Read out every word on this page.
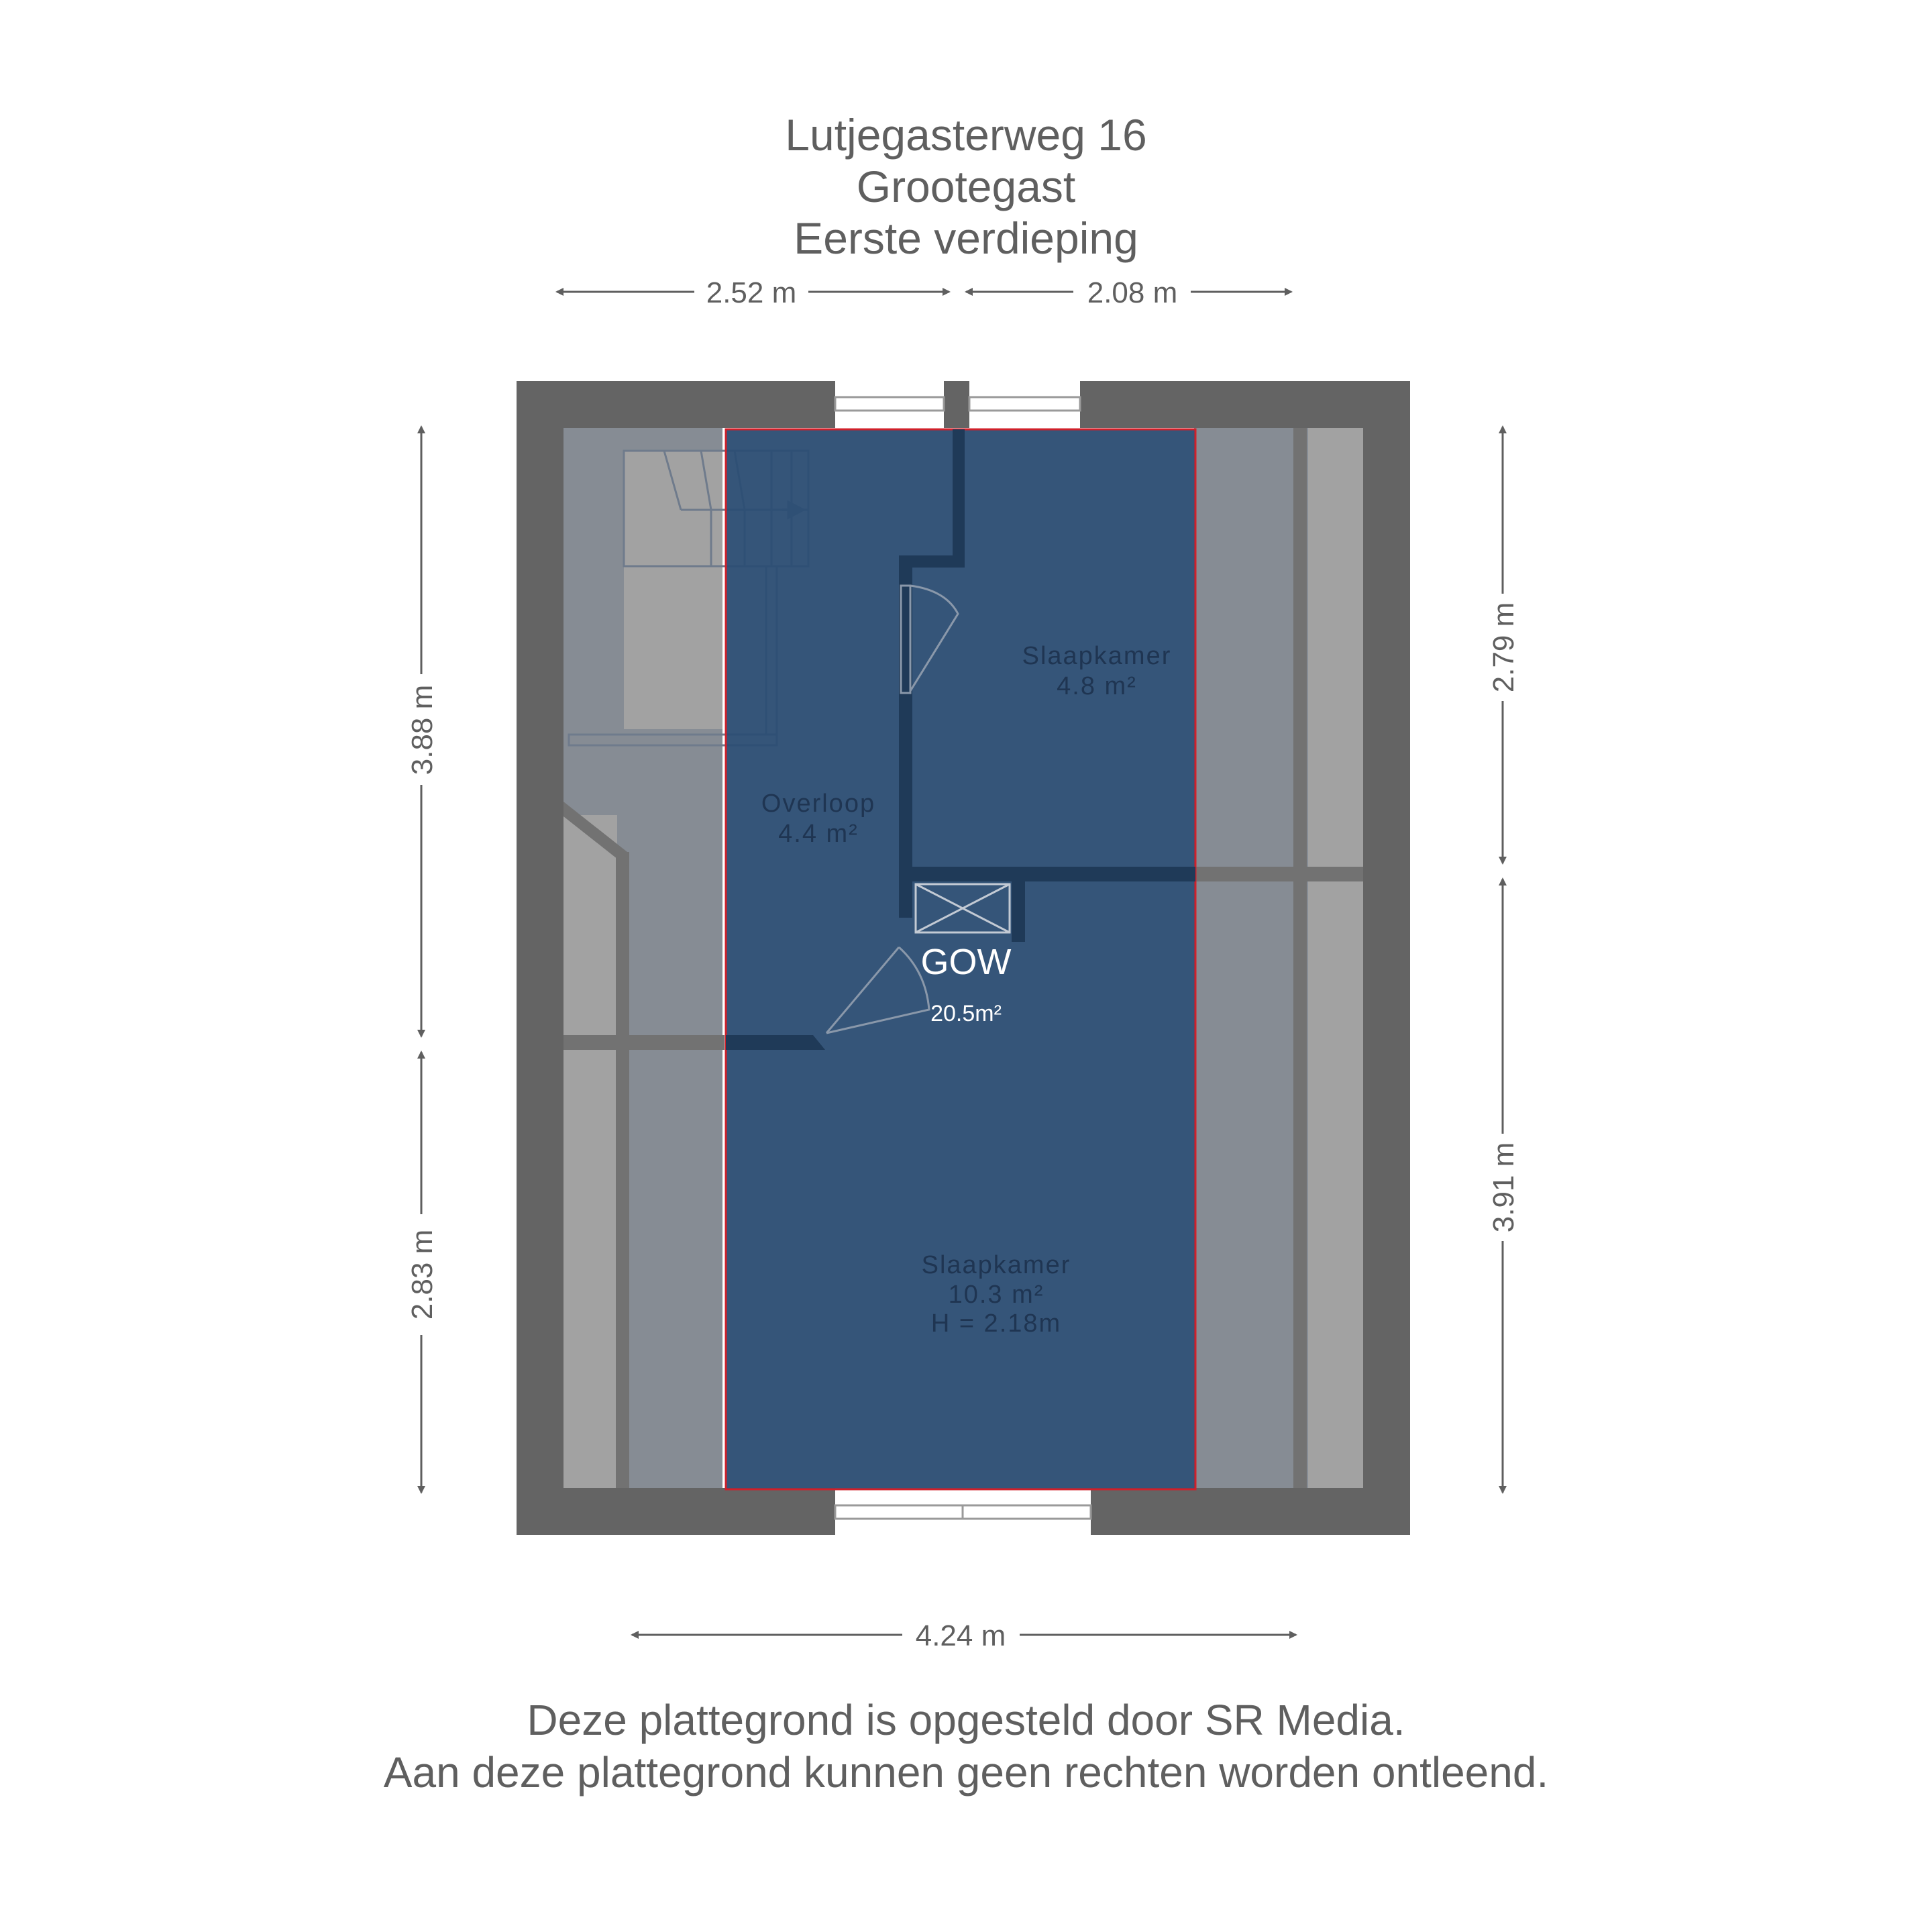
Lutjegasterweg 16
Grootegast
Eerste verdieping
2.52 m	2.08 m
3.88 m
2.83 m
2.79 m
3.91 m
4.24 m
Slaapkamer
4.8 m²
Overloop
4.4 m²
Slaapkamer
10.3 m²
H = 2.18m
GOW
20.5m²
Deze plattegrond is opgesteld door SR Media.
Aan deze plattegrond kunnen geen rechten worden ontleend.
